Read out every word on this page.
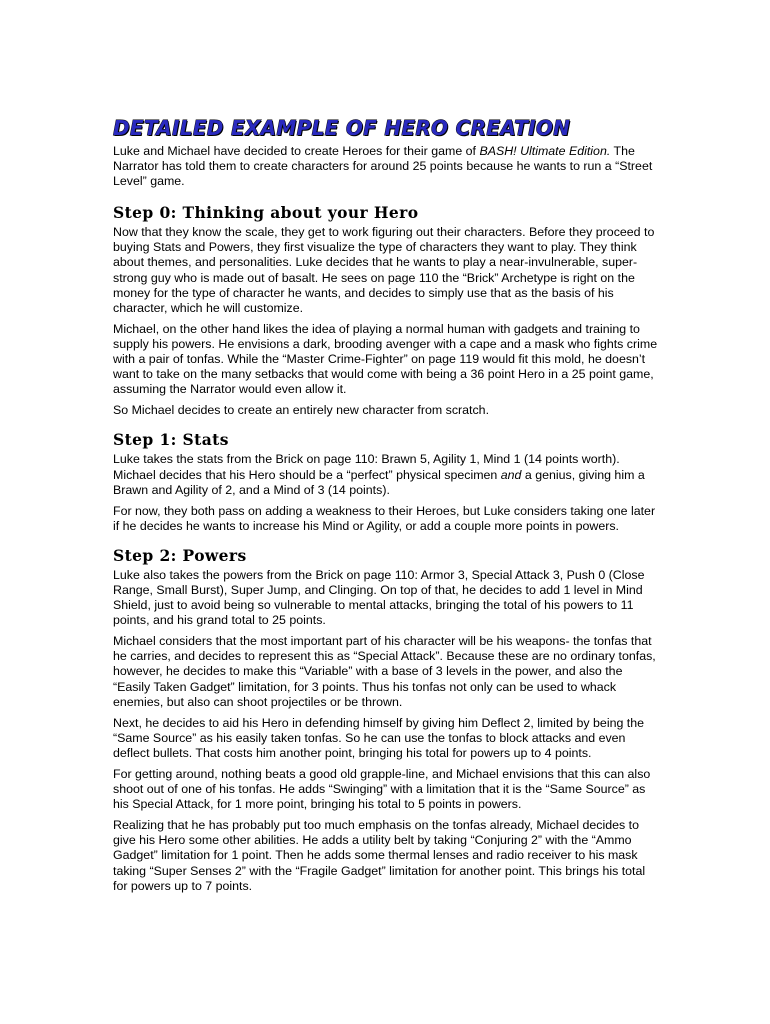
DETAILED EXAMPLE OF HERO CREATION

Luke and Michael have decided to create Heroes for their game of BASH! Ultimate Edition. The Narrator has told them to create characters for around 25 points because he wants to run a “Street Level” game.

Step 0: Thinking about your Hero

Now that they know the scale, they get to work figuring out their characters. Before they proceed to buying Stats and Powers, they first visualize the type of characters they want to play. They think about themes, and personalities. Luke decides that he wants to play a near-invulnerable, super-strong guy who is made out of basalt. He sees on page 110 the “Brick” Archetype is right on the money for the type of character he wants, and decides to simply use that as the basis of his character, which he will customize.

Michael, on the other hand likes the idea of playing a normal human with gadgets and training to supply his powers. He envisions a dark, brooding avenger with a cape and a mask who fights crime with a pair of tonfas. While the “Master Crime-Fighter” on page 119 would fit this mold, he doesn’t want to take on the many setbacks that would come with being a 36 point Hero in a 25 point game, assuming the Narrator would even allow it.

So Michael decides to create an entirely new character from scratch.

Step 1: Stats

Luke takes the stats from the Brick on page 110: Brawn 5, Agility 1, Mind 1 (14 points worth). Michael decides that his Hero should be a “perfect” physical specimen and a genius, giving him a Brawn and Agility of 2, and a Mind of 3 (14 points).

For now, they both pass on adding a weakness to their Heroes, but Luke considers taking one later if he decides he wants to increase his Mind or Agility, or add a couple more points in powers.

Step 2: Powers

Luke also takes the powers from the Brick on page 110: Armor 3, Special Attack 3, Push 0 (Close Range, Small Burst), Super Jump, and Clinging. On top of that, he decides to add 1 level in Mind Shield, just to avoid being so vulnerable to mental attacks, bringing the total of his powers to 11 points, and his grand total to 25 points.

Michael considers that the most important part of his character will be his weapons- the tonfas that he carries, and decides to represent this as “Special Attack”. Because these are no ordinary tonfas, however, he decides to make this “Variable” with a base of 3 levels in the power, and also the “Easily Taken Gadget” limitation, for 3 points. Thus his tonfas not only can be used to whack enemies, but also can shoot projectiles or be thrown.

Next, he decides to aid his Hero in defending himself by giving him Deflect 2, limited by being the “Same Source” as his easily taken tonfas. So he can use the tonfas to block attacks and even deflect bullets. That costs him another point, bringing his total for powers up to 4 points.

For getting around, nothing beats a good old grapple-line, and Michael envisions that this can also shoot out of one of his tonfas. He adds “Swinging” with a limitation that it is the “Same Source” as his Special Attack, for 1 more point, bringing his total to 5 points in powers.

Realizing that he has probably put too much emphasis on the tonfas already, Michael decides to give his Hero some other abilities. He adds a utility belt by taking “Conjuring 2” with the “Ammo Gadget” limitation for 1 point. Then he adds some thermal lenses and radio receiver to his mask taking “Super Senses 2” with the “Fragile Gadget” limitation for another point. This brings his total for powers up to 7 points.
